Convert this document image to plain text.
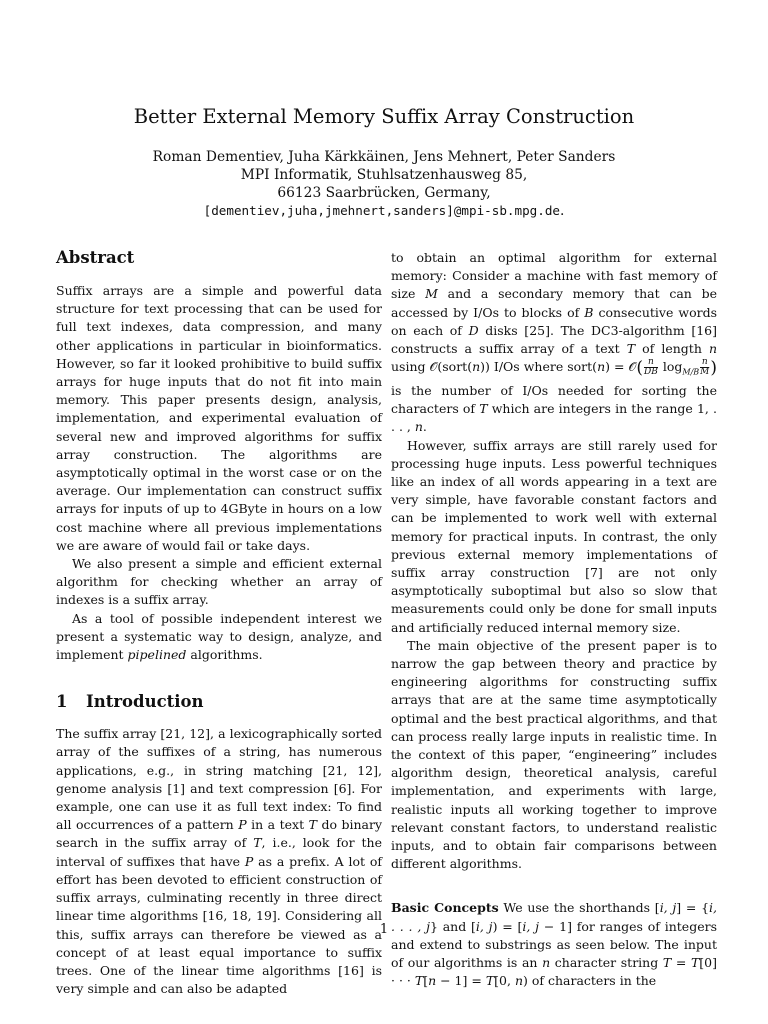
Better External Memory Suffix Array Construction
Roman Dementiev, Juha Kärkkäinen, Jens Mehnert, Peter Sanders
MPI Informatik, Stuhlsatzenhausweg 85,
66123 Saarbrücken, Germany,
[dementiev,juha,jmehnert,sanders]@mpi-sb.mpg.de.
Abstract

Suffix arrays are a simple and powerful data structure for text processing that can be used for full text indexes, data compression, and many other applications in particular in bioinformatics. However, so far it looked prohibitive to build suffix arrays for huge inputs that do not fit into main memory. This paper presents design, analysis, implementation, and experimental evaluation of several new and improved algorithms for suffix array construction. The algorithms are asymptotically optimal in the worst case or on the average. Our implementation can construct suffix arrays for inputs of up to 4GByte in hours on a low cost machine where all previous implementations we are aware of would fail or take days.

We also present a simple and efficient external algorithm for checking whether an array of indexes is a suffix array.

As a tool of possible independent interest we present a systematic way to design, analyze, and implement pipelined algorithms.

1 Introduction

The suffix array [21, 12], a lexicographically sorted array of the suffixes of a string, has numerous applications, e.g., in string matching [21, 12], genome analysis [1] and text compression [6]. For example, one can use it as full text index: To find all occurrences of a pattern P in a text T do binary search in the suffix array of T, i.e., look for the interval of suffixes that have P as a prefix. A lot of effort has been devoted to efficient construction of suffix arrays, culminating recently in three direct linear time algorithms [16, 18, 19]. Considering all this, suffix arrays can therefore be viewed as a concept of at least equal importance to suffix trees. One of the linear time algorithms [16] is very simple and can also be adapted

to obtain an optimal algorithm for external memory: Consider a machine with fast memory of size M and a secondary memory that can be accessed by I/Os to blocks of B consecutive words on each of D disks [25]. The DC3-algorithm [16] constructs a suffix array of a text T of length n using 𝒪(sort(n)) I/Os where sort(n) = 𝒪( $\frac{n}{DB} \log_{M/B} \frac{n}{M}$ ) is the number of I/Os needed for sorting the characters of T which are integers in the range 1, . . . , n.

However, suffix arrays are still rarely used for processing huge inputs. Less powerful techniques like an index of all words appearing in a text are very simple, have favorable constant factors and can be implemented to work well with external memory for practical inputs. In contrast, the only previous external memory implementations of suffix array construction [7] are not only asymptotically suboptimal but also so slow that measurements could only be done for small inputs and artificially reduced internal memory size.

The main objective of the present paper is to narrow the gap between theory and practice by engineering algorithms for constructing suffix arrays that are at the same time asymptotically optimal and the best practical algorithms, and that can process really large inputs in realistic time. In the context of this paper, “engineering” includes algorithm design, theoretical analysis, careful implementation, and experiments with large, realistic inputs all working together to improve relevant constant factors, to understand realistic inputs, and to obtain fair comparisons between different algorithms.

Basic Concepts We use the shorthands [i, j] = {i, . . . , j} and [i, j) = [i, j − 1] for ranges of integers and extend to substrings as seen below. The input of our algorithms is an n character string T = T[0] · · · T[n − 1] = T[0, n) of characters in the

1
